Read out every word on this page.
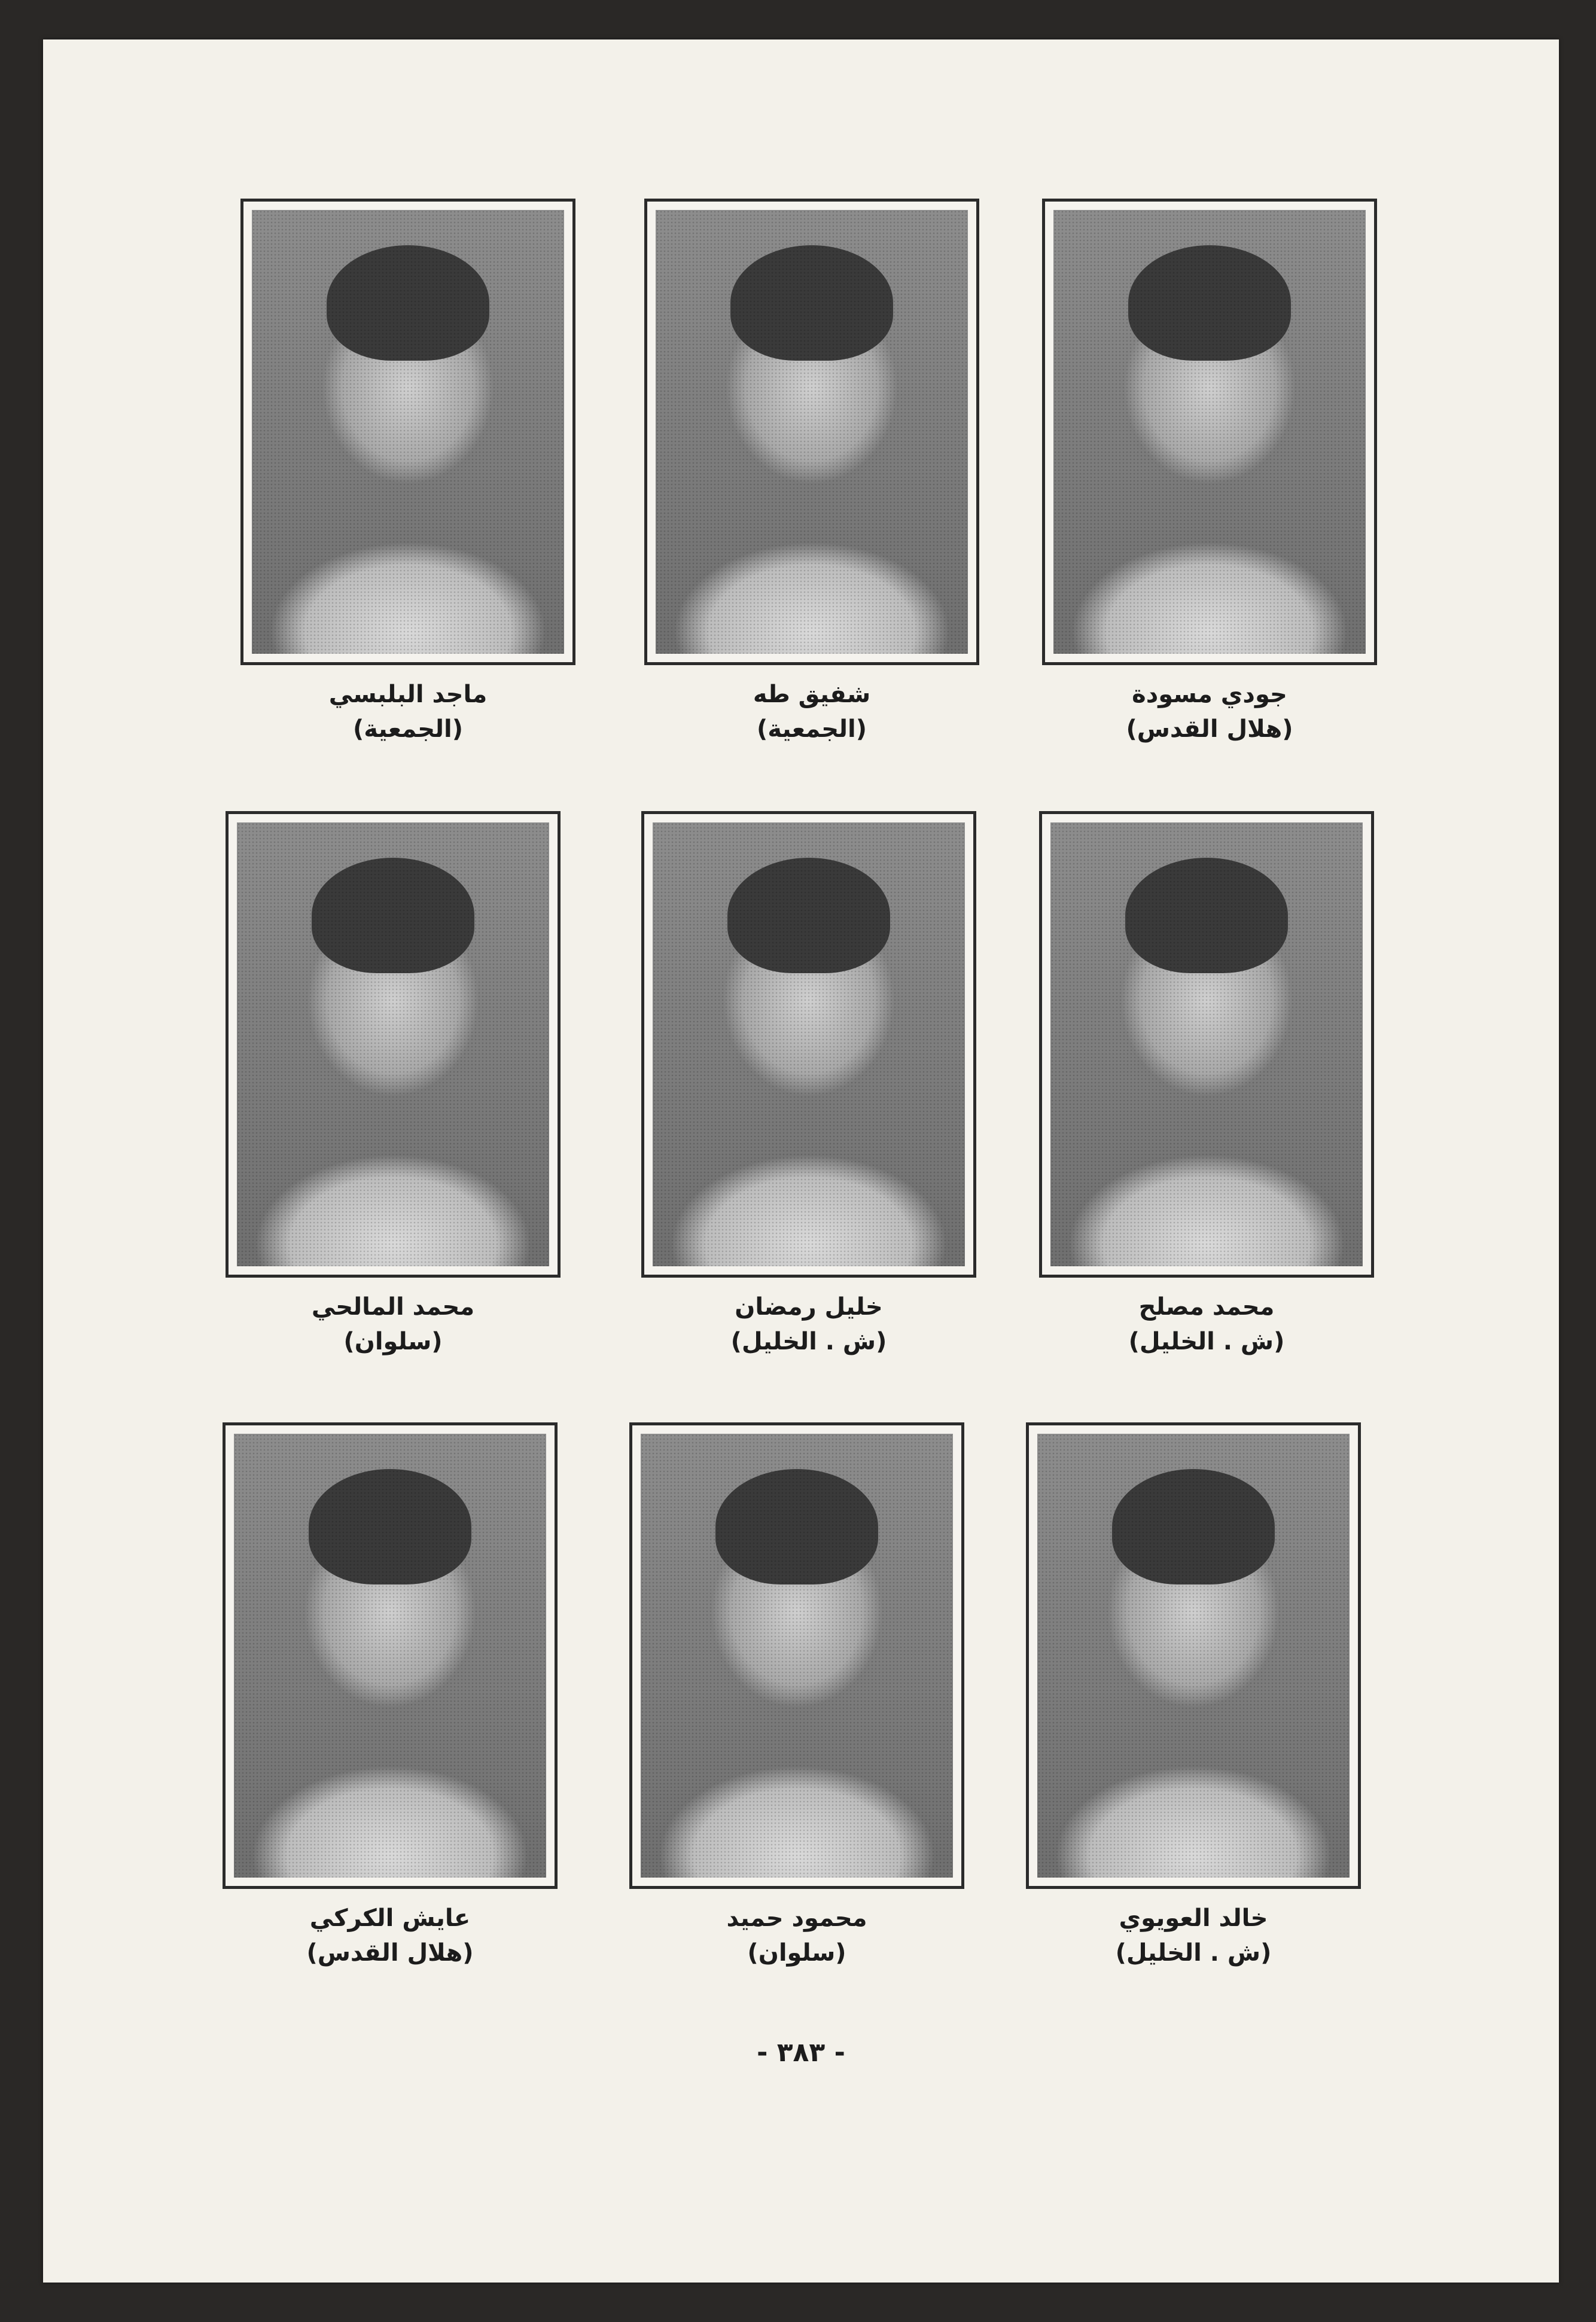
جودي مسودة
(هلال القدس)
شفيق طه
(الجمعية)
ماجد البلبسي
(الجمعية)
محمد مصلح
(ش . الخليل)
خليل رمضان
(ش . الخليل)
محمد المالحي
(سلوان)
خالد العويوي
(ش . الخليل)
محمود حميد
(سلوان)
عايش الكركي
(هلال القدس)
- ٣٨٣ -
